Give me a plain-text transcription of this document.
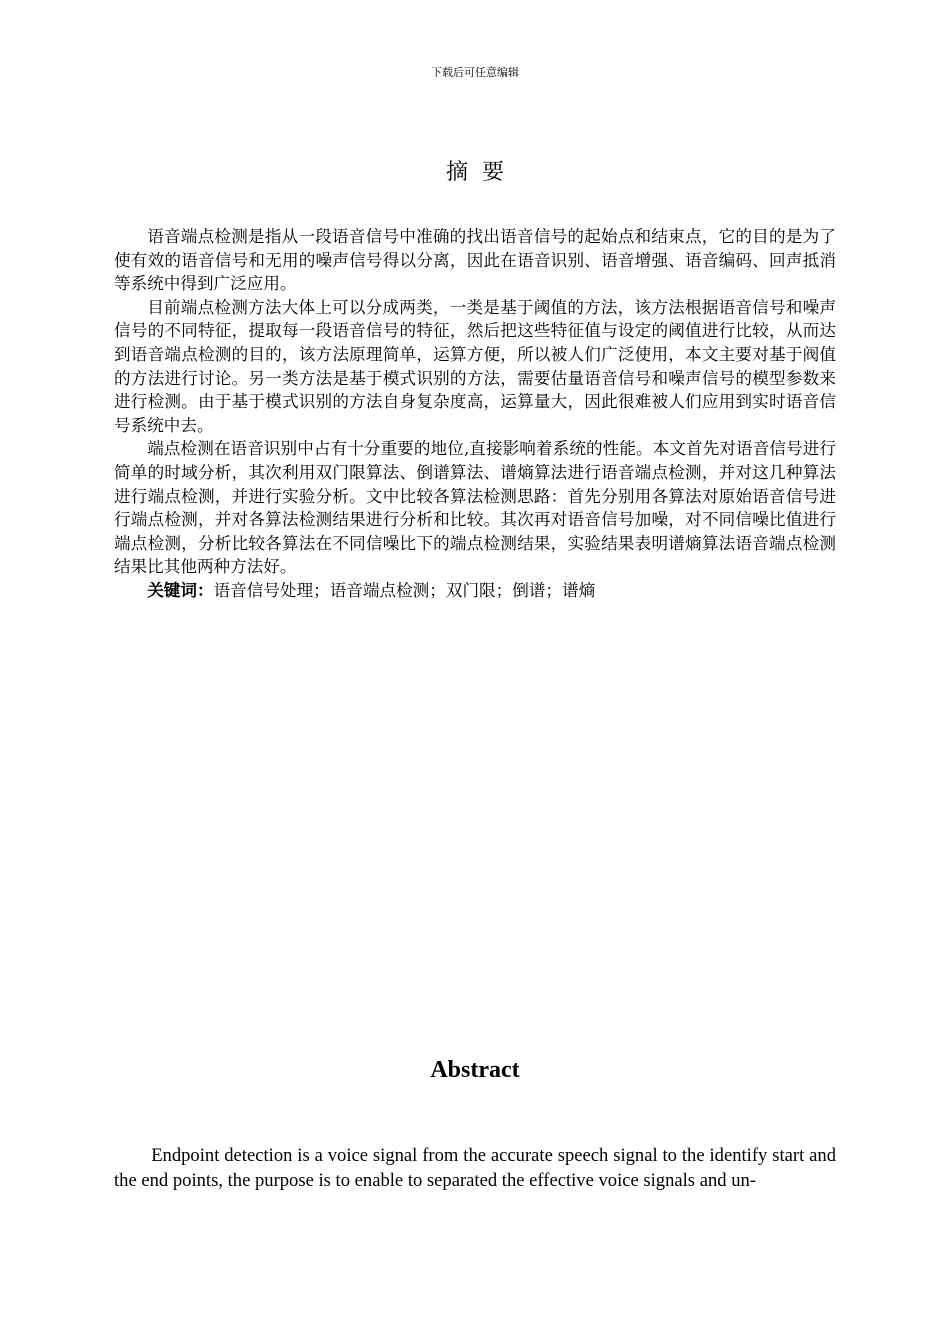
下载后可任意编辑
摘要

语音端点检测是指从一段语音信号中准确的找出语音信号的起始点和结束点，它的目的是为了使有效的语音信号和无用的噪声信号得以分离，因此在语音识别、语音增强、语音编码、回声抵消等系统中得到广泛应用。

目前端点检测方法大体上可以分成两类，一类是基于阈值的方法，该方法根据语音信号和噪声信号的不同特征，提取每一段语音信号的特征，然后把这些特征值与设定的阈值进行比较，从而达到语音端点检测的目的，该方法原理简单，运算方便，所以被人们广泛使用，本文主要对基于阀值的方法进行讨论。另一类方法是基于模式识别的方法，需要估量语音信号和噪声信号的模型参数来进行检测。由于基于模式识别的方法自身复杂度高，运算量大，因此很难被人们应用到实时语音信号系统中去。

端点检测在语音识别中占有十分重要的地位,直接影响着系统的性能。本文首先对语音信号进行简单的时域分析，其次利用双门限算法、倒谱算法、谱熵算法进行语音端点检测，并对这几种算法进行端点检测，并进行实验分析。文中比较各算法检测思路：首先分别用各算法对原始语音信号进行端点检测，并对各算法检测结果进行分析和比较。其次再对语音信号加噪，对不同信噪比值进行端点检测，分析比较各算法在不同信噪比下的端点检测结果，实验结果表明谱熵算法语音端点检测结果比其他两种方法好。

关键词：语音信号处理；语音端点检测；双门限；倒谱；谱熵

Abstract

Endpoint detection is a voice signal from the accurate speech signal to the identify start and the end points, the purpose is to enable to separated the effective voice signals and un-
